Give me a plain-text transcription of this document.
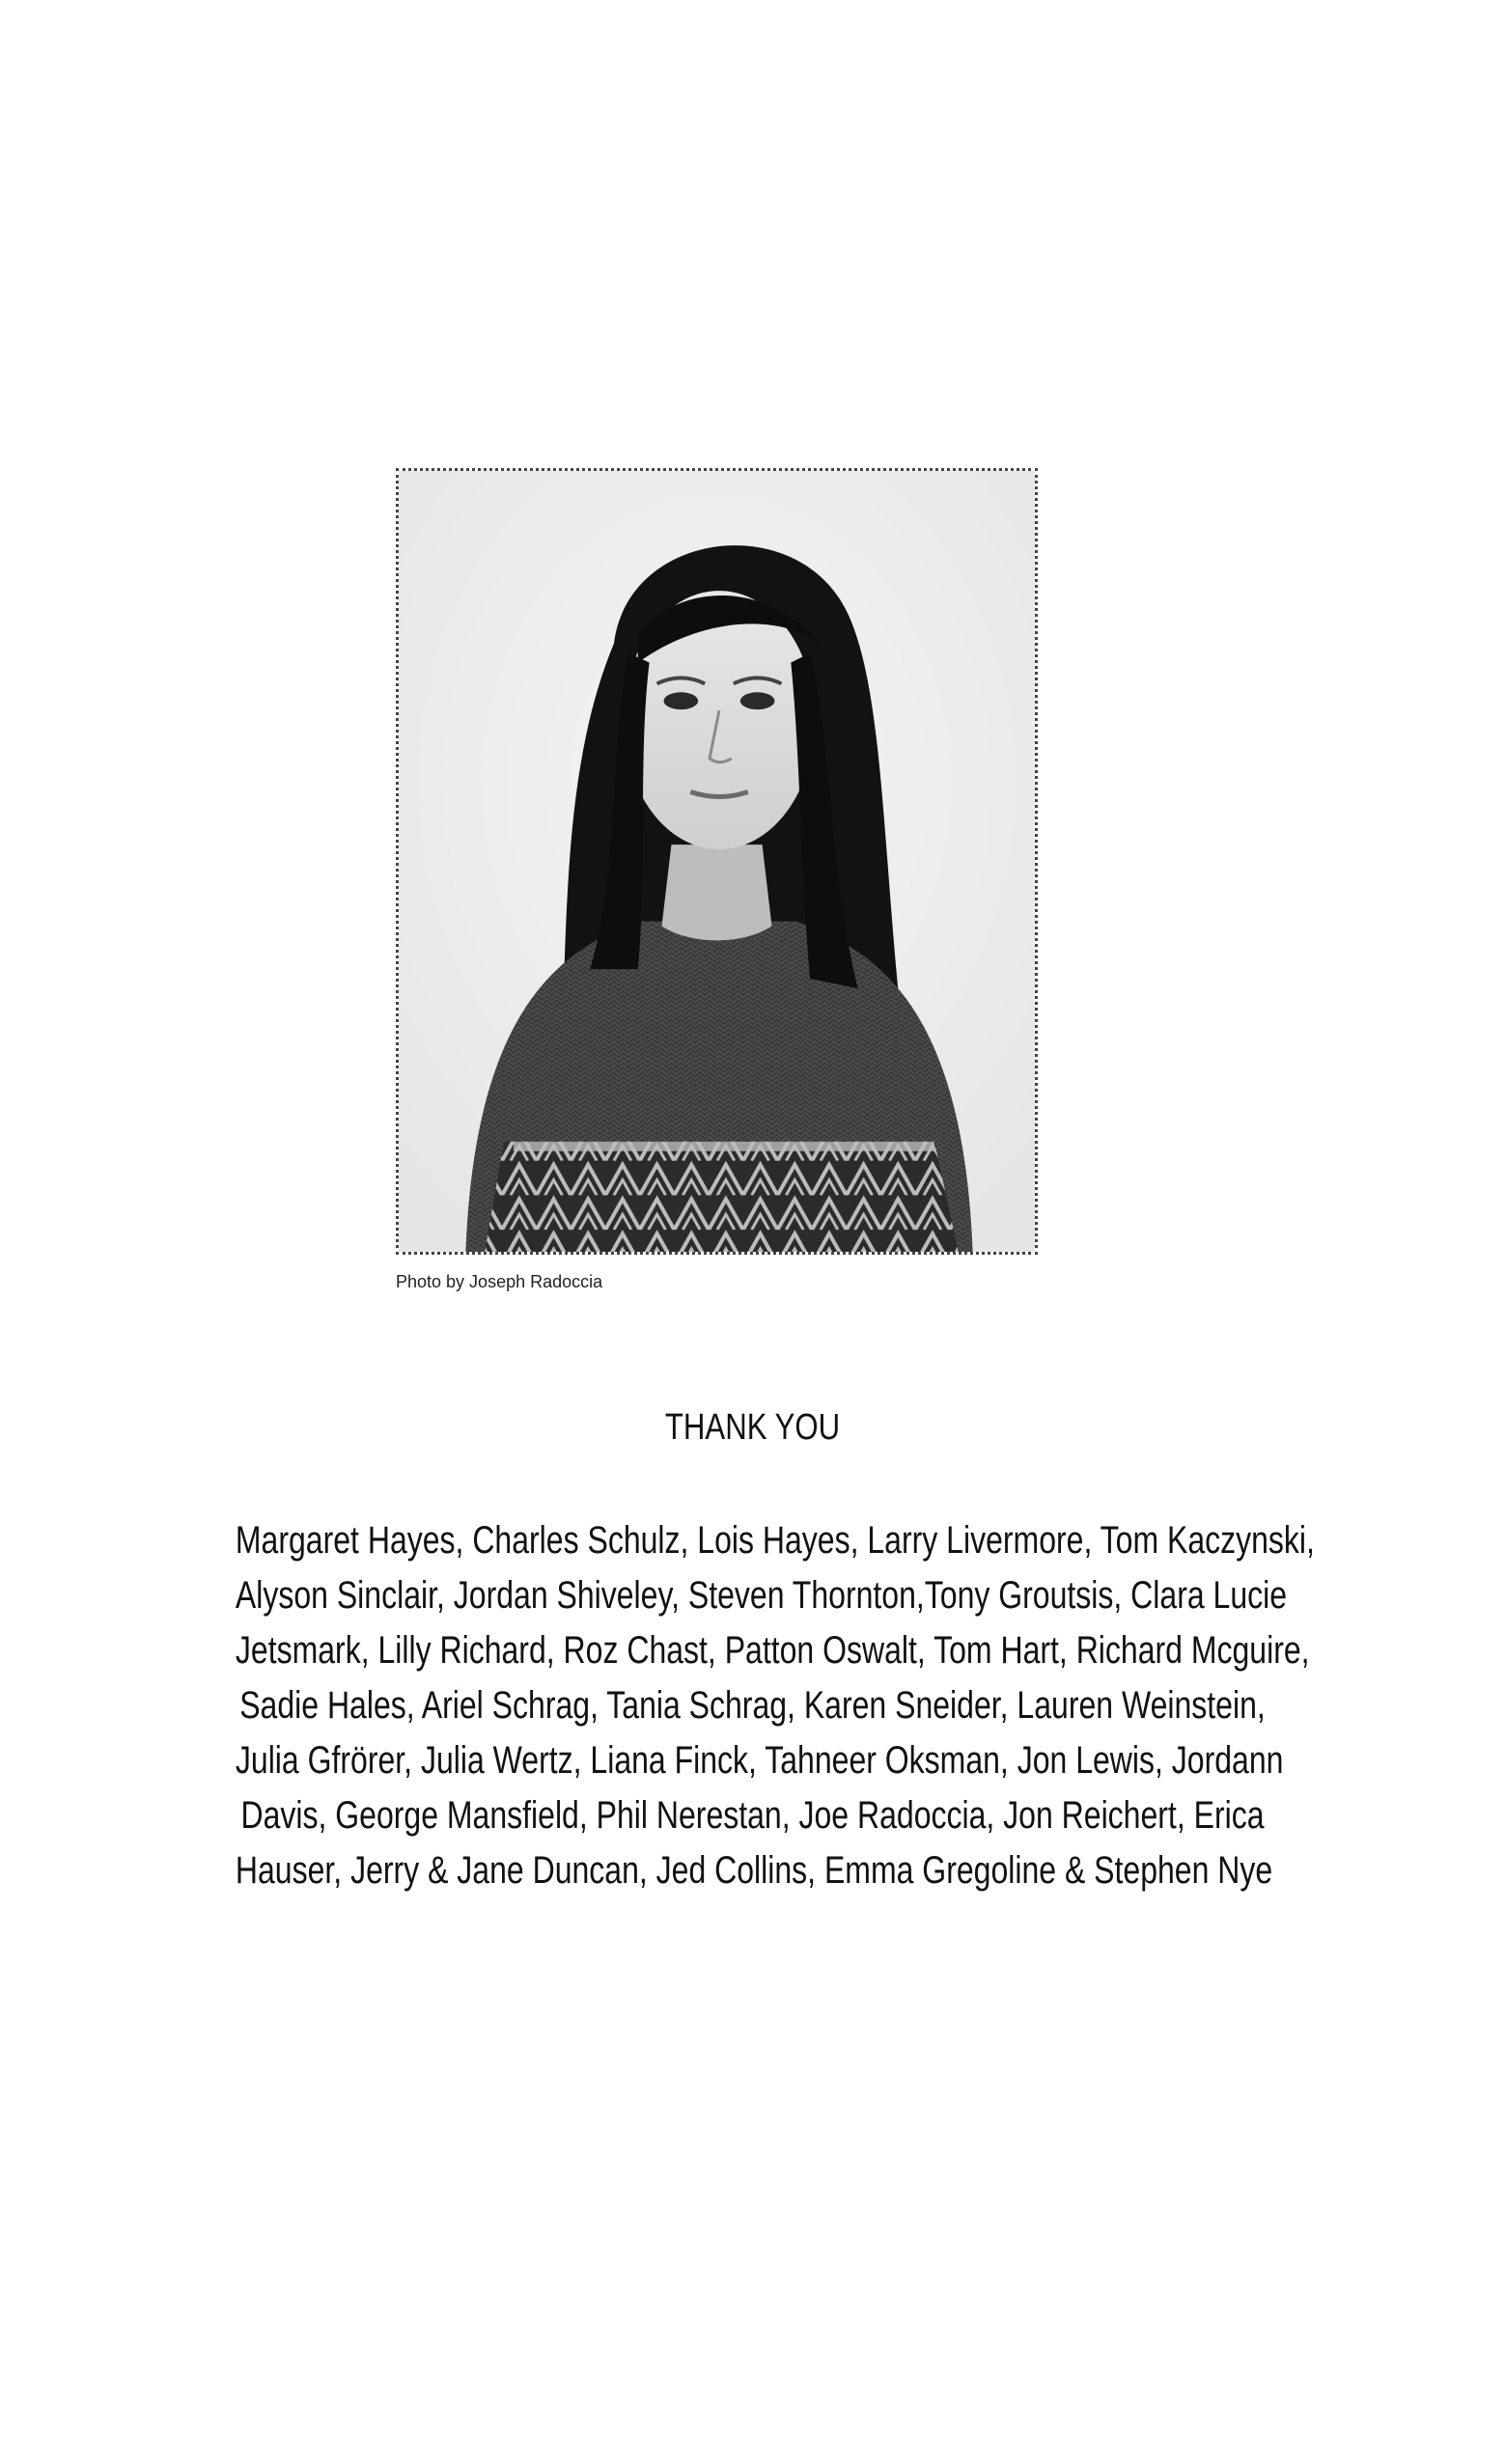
Photo by Joseph Radoccia
THANK YOU
Margaret Hayes, Charles Schulz, Lois Hayes, Larry Livermore, Tom Kaczynski,
Alyson Sinclair, Jordan Shiveley, Steven Thornton,Tony Groutsis, Clara Lucie
Jetsmark, Lilly Richard, Roz Chast, Patton Oswalt, Tom Hart, Richard Mcguire,
Sadie Hales, Ariel Schrag, Tania Schrag, Karen Sneider, Lauren Weinstein,
Julia Gfrörer, Julia Wertz, Liana Finck, Tahneer Oksman, Jon Lewis, Jordann
Davis, George Mansfield, Phil Nerestan, Joe Radoccia, Jon Reichert, Erica
Hauser, Jerry & Jane Duncan, Jed Collins, Emma Gregoline & Stephen Nye
